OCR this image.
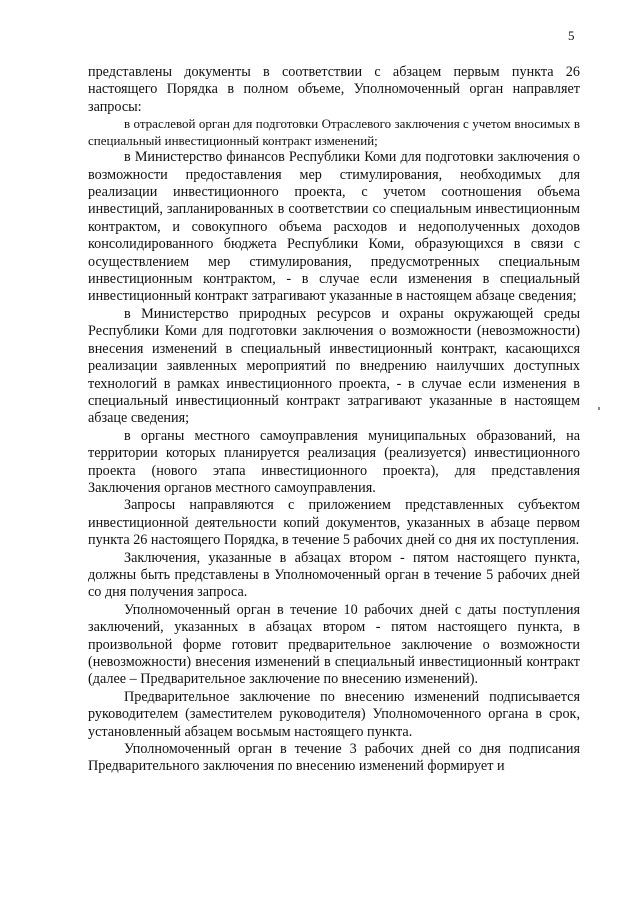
5

представлены документы в соответствии с абзацем первым пункта 26 настоящего Порядка в полном объеме, Уполномоченный орган направляет запросы:

в отраслевой орган для подготовки Отраслевого заключения с учетом вносимых в специальный инвестиционный контракт изменений;

в Министерство финансов Республики Коми для подготовки заключения о возможности предоставления мер стимулирования, необходимых для реализации инвестиционного проекта, с учетом соотношения объема инвестиций, запланированных в соответствии со специальным инвестиционным контрактом, и совокупного объема расходов и недополученных доходов консолидированного бюджета Республики Коми, образующихся в связи с осуществлением мер стимулирования, предусмотренных специальным инвестиционным контрактом, - в случае если изменения в специальный инвестиционный контракт затрагивают указанные в настоящем абзаце сведения;

в Министерство природных ресурсов и охраны окружающей среды Республики Коми для подготовки заключения о возможности (невозможности) внесения изменений в специальный инвестиционный контракт, касающихся реализации заявленных мероприятий по внедрению наилучших доступных технологий в рамках инвестиционного проекта, - в случае если изменения в специальный инвестиционный контракт затрагивают указанные в настоящем абзаце сведения;

в органы местного самоуправления муниципальных образований, на территории которых планируется реализация (реализуется) инвестиционного проекта (нового этапа инвестиционного проекта), для представления Заключения органов местного самоуправления.

Запросы направляются с приложением представленных субъектом инвестиционной деятельности копий документов, указанных в абзаце первом пункта 26 настоящего Порядка, в течение 5 рабочих дней со дня их поступления.

Заключения, указанные в абзацах втором - пятом настоящего пункта, должны быть представлены в Уполномоченный орган в течение 5 рабочих дней со дня получения запроса.

Уполномоченный орган в течение 10 рабочих дней с даты поступления заключений, указанных в абзацах втором - пятом настоящего пункта, в произвольной форме готовит предварительное заключение о возможности (невозможности) внесения изменений в специальный инвестиционный контракт (далее – Предварительное заключение по внесению изменений).

Предварительное заключение по внесению изменений подписывается руководителем (заместителем руководителя) Уполномоченного органа в срок, установленный абзацем восьмым настоящего пункта.

Уполномоченный орган в течение 3 рабочих дней со дня подписания Предварительного заключения по внесению изменений формирует и
